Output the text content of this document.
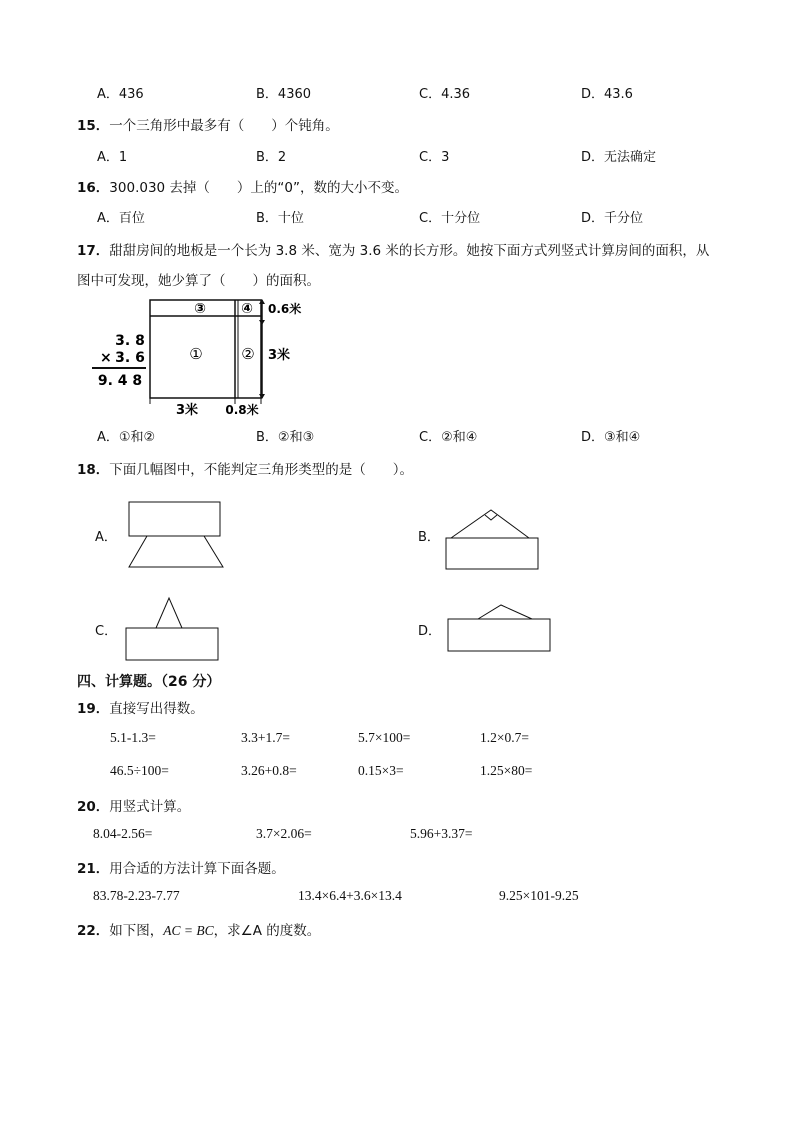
A．436	B．4360	C．4.36	D．43.6
15．一个三角形中最多有（　　）个钝角。
A．1	B．2	C．3	D．无法确定
16．300.030 去掉（　　）上的“0”，数的大小不变。
A．百位	B．十位	C．十分位	D．千分位
17．甜甜房间的地板是一个长为 3.8 米、宽为 3.6 米的长方形。她按下面方式列竖式计算房间的面积，从
图中可发现，她少算了（　　）的面积。
3. 8
× 3. 6
9. 4 8
③	④
①	②
0.6米
3米
3米 0.8米
A．①和②	B．②和③	C．②和④	D．③和④
18．下面几幅图中，不能判定三角形类型的是（　　）。
A．	B．
C．	D．
四、计算题。（26 分）
19．直接写出得数。
5.1-1.3=	3.3+1.7=	5.7×100=	1.2×0.7=
46.5÷100=	3.26+0.8=	0.15×3=	1.25×80=
20．用竖式计算。
8.04-2.56=	3.7×2.06=	5.96+3.37=
21．用合适的方法计算下面各题。
83.78-2.23-7.77	13.4×6.4+3.6×13.4	9.25×101-9.25
22．如下图，AC = BC，求∠A 的度数。
